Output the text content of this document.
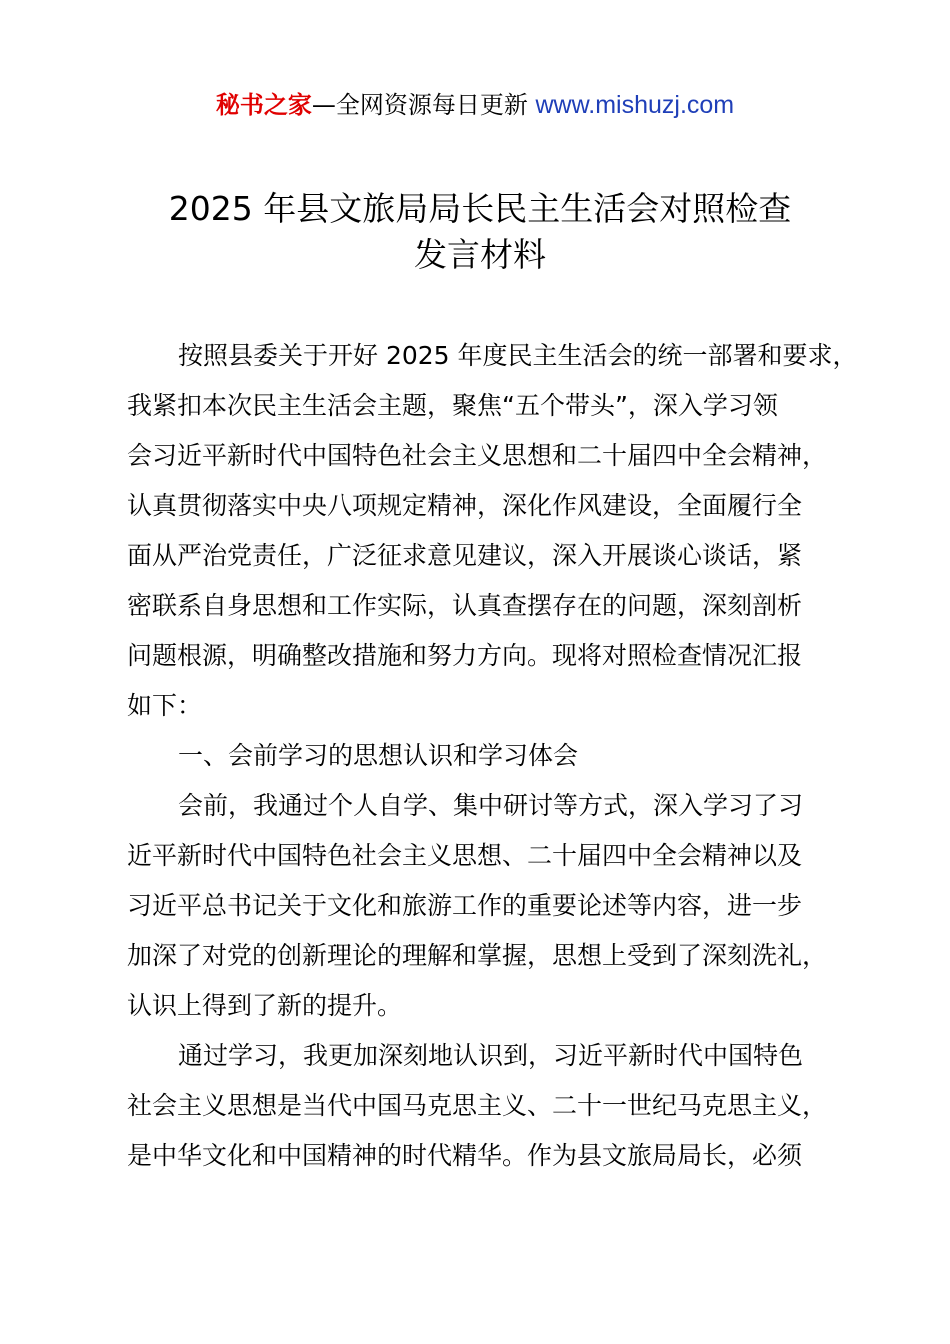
秘书之家—全网资源每日更新 www.mishuzj.com
2025 年县文旅局局长民主生活会对照检查
发言材料
按照县委关于开好 2025 年度民主生活会的统一部署和要求，
我紧扣本次民主生活会主题，聚焦“五个带头”，深入学习领
会习近平新时代中国特色社会主义思想和二十届四中全会精神，
认真贯彻落实中央八项规定精神，深化作风建设，全面履行全
面从严治党责任，广泛征求意见建议，深入开展谈心谈话，紧
密联系自身思想和工作实际，认真查摆存在的问题，深刻剖析
问题根源，明确整改措施和努力方向。现将对照检查情况汇报
如下：
一、会前学习的思想认识和学习体会
会前，我通过个人自学、集中研讨等方式，深入学习了习
近平新时代中国特色社会主义思想、二十届四中全会精神以及
习近平总书记关于文化和旅游工作的重要论述等内容，进一步
加深了对党的创新理论的理解和掌握，思想上受到了深刻洗礼，
认识上得到了新的提升。
通过学习，我更加深刻地认识到，习近平新时代中国特色
社会主义思想是当代中国马克思主义、二十一世纪马克思主义，
是中华文化和中国精神的时代精华。作为县文旅局局长，必须
